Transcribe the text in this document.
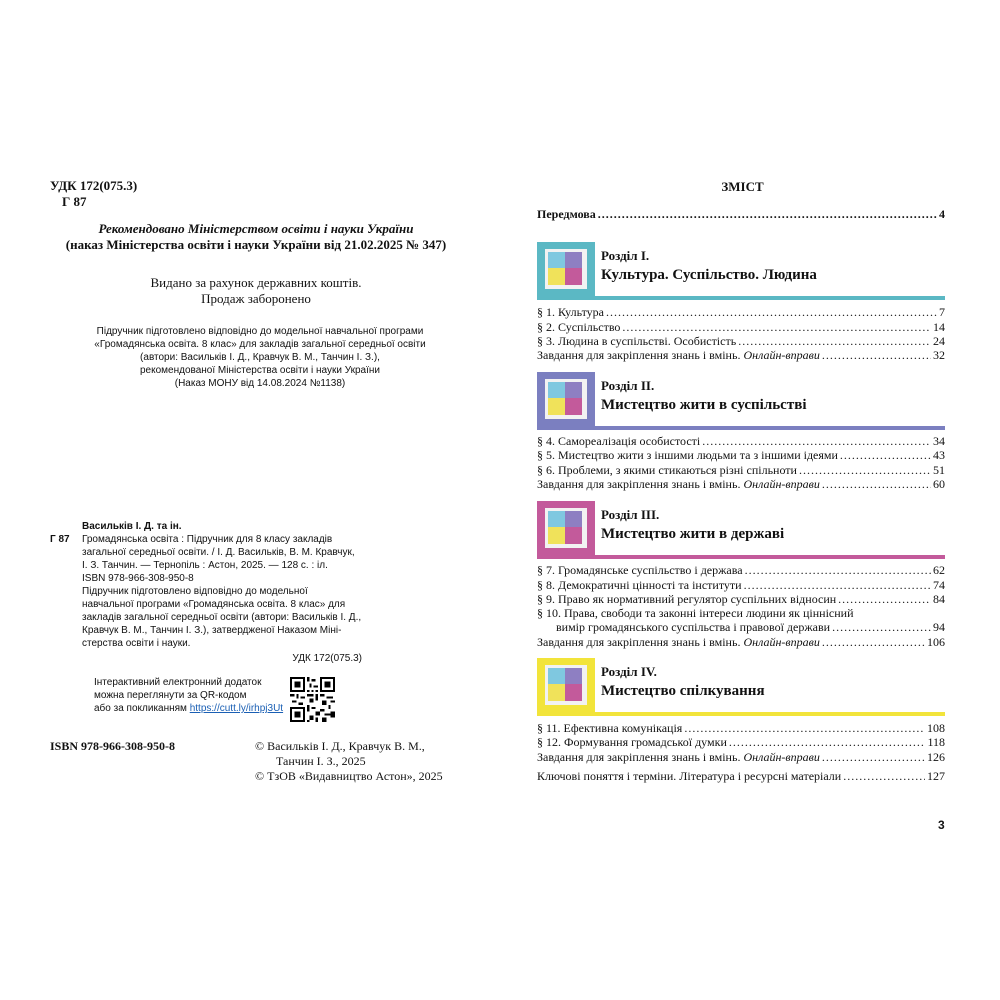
УДК 172(075.3)
Г 87
Рекомендовано Міністерством освіти і науки України
(наказ Міністерства освіти і науки України від 21.02.2025 № 347)
Видано за рахунок державних коштів.
Продаж заборонено
Підручник підготовлено відповідно до модельної навчальної програми
«Громадянська освіта. 8 клас» для закладів загальної середньої освіти
(автори: Васильків І. Д., Кравчук В. М., Танчин І. З.),
рекомендованої Міністерства освіти і науки України
(Наказ МОНУ від 14.08.2024 №1138)
Г 87
Васильків І. Д. та ін.
Громадянська освіта : Підручник для 8 класу закладів
загальної середньої освіти. / І. Д. Васильків, В. М. Кравчук,
І. З. Танчин. — Тернопіль : Астон, 2025. — 128 с. : іл.
ISBN 978-966-308-950-8
Підручник підготовлено відповідно до модельної
навчальної програми «Громадянська освіта. 8 клас» для
закладів загальної середньої освіти (автори: Васильків І. Д.,
Кравчук В. М., Танчин І. З.), затвердженої Наказом Міні-
стерства освіти і науки.
УДК 172(075.3)
Інтерактивний електронний додаток
можна переглянути за QR-кодом
або за покликанням https://cutt.ly/irhpj3Ut
ISBN 978-966-308-950-8	© Васильків І. Д., Кравчук В. М.,
Танчин І. З., 2025
© ТзОВ «Видавництво Астон», 2025
ЗМІСТ
Передмова .....	4
Розділ І.
Культура. Суспільство. Людина
§ 1. Культура .....	7
§ 2. Суспільство .....	14
§ 3. Людина в суспільстві. Особистість .....	24
Завдання для закріплення знань і вмінь. Онлайн-вправи .....	32
Розділ ІІ.
Мистецтво жити в суспільстві
§ 4. Самореалізація особистості .....	34
§ 5. Мистецтво жити з іншими людьми та з іншими ідеями .....	43
§ 6. Проблеми, з якими стикаються різні спільноти .....	51
Завдання для закріплення знань і вмінь. Онлайн-вправи .....	60
Розділ ІІІ.
Мистецтво жити в державі
§ 7. Громадянське суспільство і держава .....	62
§ 8. Демократичні цінності та інститути .....	74
§ 9. Право як нормативний регулятор суспільних відносин .....	84
§ 10. Права, свободи та законні інтереси людини як ціннісний
вимір громадянського суспільства і правової держави .....	94
Завдання для закріплення знань і вмінь. Онлайн-вправи .....	106
Розділ IV.
Мистецтво спілкування
§ 11. Ефективна комунікація .....	108
§ 12. Формування громадської думки .....	118
Завдання для закріплення знань і вмінь. Онлайн-вправи .....	126
Ключові поняття і терміни. Література і ресурсні матеріали .....	127
3
